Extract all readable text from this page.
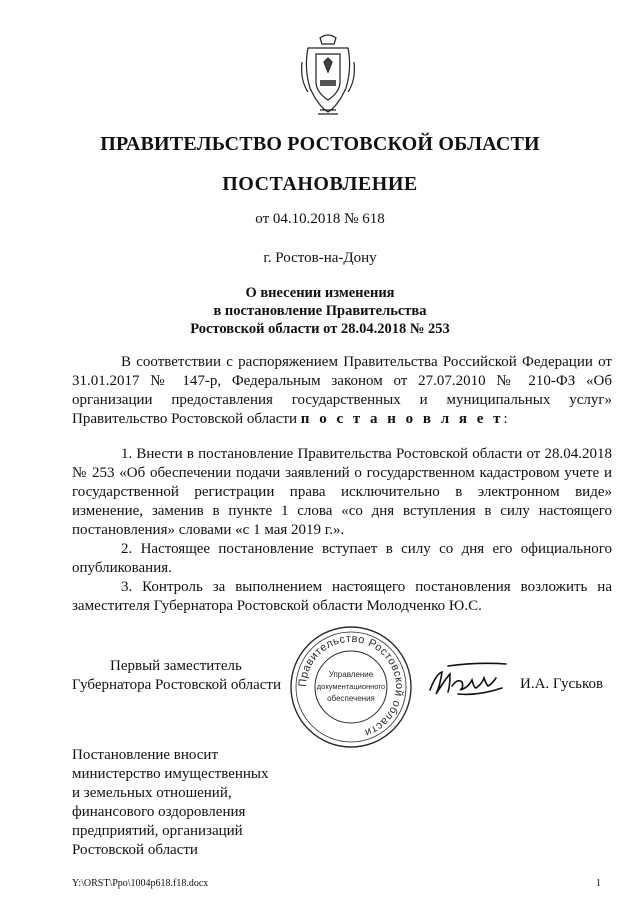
ПРАВИТЕЛЬСТВО РОСТОВСКОЙ ОБЛАСТИ
ПОСТАНОВЛЕНИЕ
от 04.10.2018 № 618
г. Ростов-на-Дону
О внесении изменения
в постановление Правительства
Ростовской области от 28.04.2018 № 253

В соответствии с распоряжением Правительства Российской Федерации от 31.01.2017 № 147-р, Федеральным законом от 27.07.2010 № 210-ФЗ «Об организации предоставления государственных и муниципальных услуг» Правительство Ростовской области п о с т а н о в л я е т:

1. Внести в постановление Правительства Ростовской области от 28.04.2018 № 253 «Об обеспечении подачи заявлений о государственном кадастровом учете и государственной регистрации права исключительно в электронном виде» изменение, заменив в пункте 1 слова «со дня вступления в силу настоящего постановления» словами «с 1 мая 2019 г.».

2. Настоящее постановление вступает в силу со дня его официального опубликования.

3. Контроль за выполнением настоящего постановления возложить на заместителя Губернатора Ростовской области Молодченко Ю.С.

Правительство Ростовской области
Управление
документационного
обеспечения
Первый заместитель
Губернатора Ростовской области	И.А. Гуськов
Постановление вносит
министерство имущественных
и земельных отношений,
финансового оздоровления
предприятий, организаций
Ростовской области
Y:\ORST\Ppo\1004p618.f18.docx	1
